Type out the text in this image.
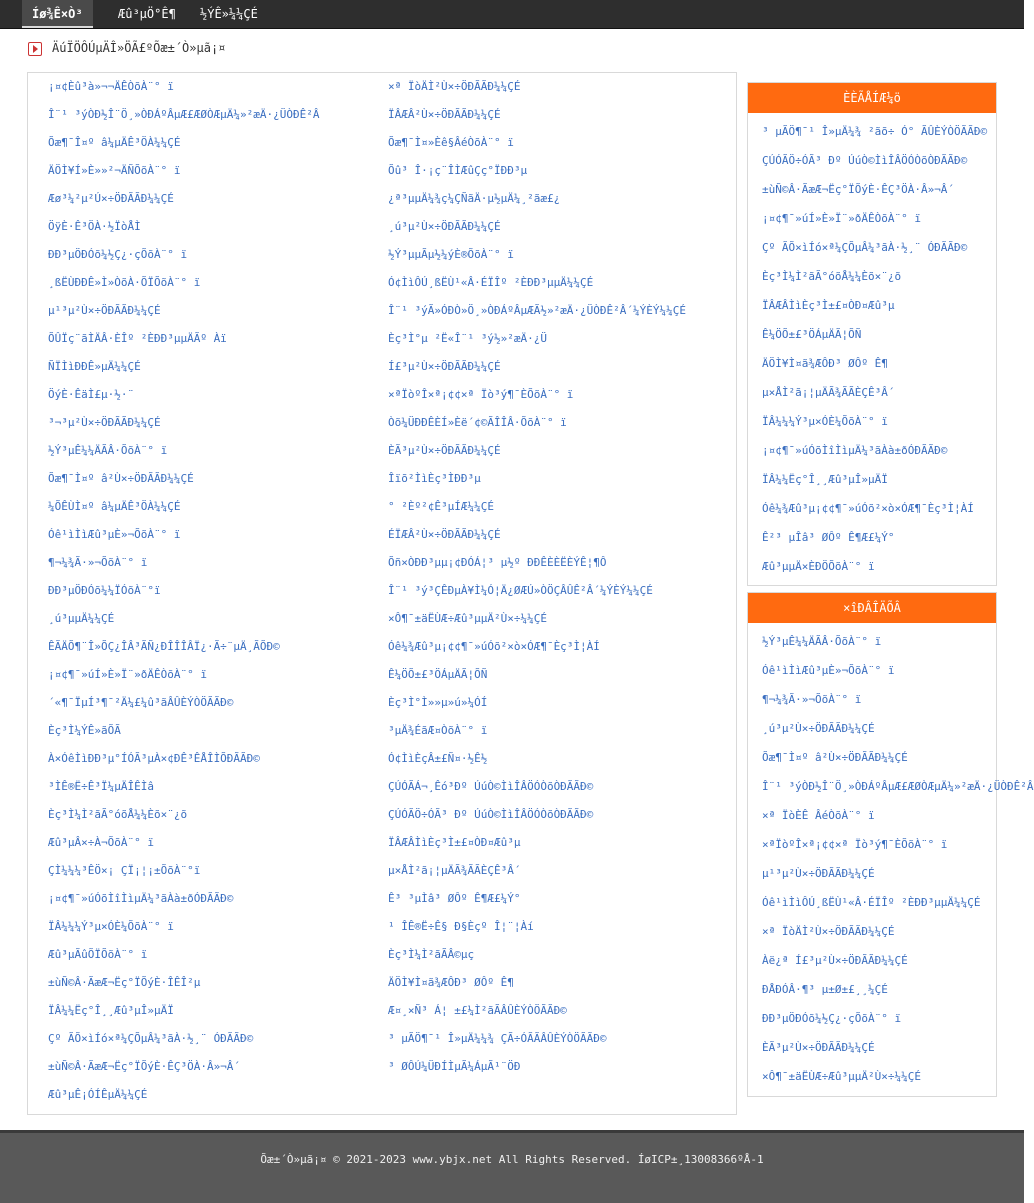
Íø¾Ê×Ò³	Æû³µÖ°Ê¶	½ÝÊ»¼¼ÇÉ
ÄúÏÖÔÚµÄÎ»ÖÃ£ºÕæ±´Ò»µã¡¤
¡¤¢Èû³à»¬¬ÄÊÒõÀ¨° ï
Î¨¹ ³ýÒÐ½Î¨Ö¸»ÒÐÁºÂµÆ£ÆØÒÆµÄ¼»²æÄ·¿ÜÒÐÊ²Â
Õæ¶¯Î¤º â¼µÄÊ³ÖÀ¼¼ÇÉ
ÄÖÌ¥Í»È»»²¬ÄÑÕõÀ¨° ï
Æø³¼²µ²Ú×÷ÖÐÃÃÐ¼¼ÇÉ
ÖÿÈ·Ê³ÖÀ·½ÏòÅÌ
ÐÐ³µÖÐÓõ¼½Ç¿·çÕõÀ¨° ï
¸ßËÙÐÐÊ»Ì»ÒõÀ·ÕÏÕõÀ¨° ï
µ¹³µ²Ù×÷ÖÐÃÃÐ¼¼ÇÉ
ÕÛÏç¨ãÌÄÂ·ÈÎº ²ÈÐÐ³µµÄÃº Àï
ÑÏÌìÐÐÊ»µÄ¼¼ÇÉ
ÖýÈ·ÊäÌ£µ·½·¨
³¬³µ²Ù×÷ÖÐÃÃÐ¼¼ÇÉ
½Ý³µÊ¼¼ÄÃÂ·ÕõÀ¨° ï
Õæ¶¯Ì¤º â²Ù×÷ÖÐÃÃÐ¼¼ÇÉ
¼ÕÊÙÌ¤º â¼µÄÊ³ÖÀ¼¼ÇÉ
Óê¹ìÌìÆû³µÈ»¬ÕõÀ¨° ï
¶¬¼¾Ã·»¬ÕõÀ¨° ï
ÐÐ³µÖÐÓõ¼¼ÏÓõÀ¨°ï
¸ú³µµÄ¼¼ÇÉ
ÊÃÄÕ¶¨Î»ÕÇ¿ÎÂ³ÃÑ¿ÐÎÎÎÂÏ¿·Ã÷¨µÄ¸ÃÕÐ©
¡¤¢¶¯»úÍ»È»Ï¨»ðÄÊÒõÀ¨° ï
´«¶¯ÏµÍ³¶¯²Ä¼£¼û³ãÂÛÈÝÒÖÃÃÐ©
Èç³Ì¼ÝÊ»ãÕÃ
À×ÓêÌìÐÐ³µ°ÍÓÃ³µÀ×¢ÐÊ³ÊÅÎÌÕÐÃÃÐ©
³ÌÊ®Ë÷Ê³Ï¼µÄÎÊÌâ
Èç³Ì¼Ì²ãÃ°óõÅ¼¼Èõ×¨¿õ
Æû³µÂ×÷À¬ÕõÀ¨° ï
ÇÌ¼¼¼³ÊÖ×¡ ÇÏ¡¦¡±ÕõÀ¨°ï
¡¤¢¶¯»úÓõÌîÌìµÄ¼³ãÀà±ðÓÐÃÃÐ©
ÏÂ¼¼¼Ý³µ×ÓÈ¼ÕõÀ¨° ï
Æû³µÃûÕÏÕõÀ¨° ï
±ùÑ©Â·ÃæÆ¬Ëç°ÏÕýÈ·ÎÊÎ²µ
ÏÂ¼¼Ëç°Î¸¸Æû³µÎ»µÄÏ
Çº ÃÕ×ìÍó×ª¼ÇÕµÂ¼³ãÀ·½¸¨ ÓÐÃÃÐ©
±ùÑ©Â·ÃæÆ¬Ëç°ÏÕýÈ·ÊÇ³ÖÀ·Â»¬Â´
Æû³µÊ¡ÓÍÊµÄ¼¼ÇÉ
×ª ÏòÄÌ²Ù×÷ÖÐÃÃÐ¼¼ÇÉ
ÏÂÆÂ²Ù×÷ÖÐÃÃÐ¼¼ÇÉ
Õæ¶¯Ì¤»Èê§ÂéÒõÀ¨° ï
Õû³ Î·¡ç¨ÎÌÆûÇç°ÏÐÐ³µ
¿ª³µµÄ¼¾ç¼ÇÑãÄ·µ½µÄ¼¸²ãæ£¿
¸ú³µ²Ù×÷ÖÐÃÃÐ¼¼ÇÉ
½Ý³µµÃµ½¼ýÈ®ÕõÀ¨° ï
Ó¢ÌìÔÚ¸ßËÙ¹«Â·ÉÏÎº ²ÈÐÐ³µµÄ¼¼ÇÉ
Î¨¹ ³ýÃ»ÓÐÒ»Ö¸»ÒÐÁºÂµÆÃ½»²æÄ·¿ÜÒÐÊ²Â´¼ÝÈÝ¼¼ÇÉ
Èç³Ì°µ ²Ë«Î¨¹ ³ý½»²æÄ·¿Ü
Í£³µ²Ù×÷ÖÐÃÃÐ¼¼ÇÉ
×ªÏòºÎ×ª¡¢¢×ª Ïò³ý¶¯ÈÕõÀ¨° ï
Òõ¼ÜÐÐÊÈÍ»Èë´¢©ÃÎÎÂ·ÕõÀ¨° ï
ÈÃ³µ²Ù×÷ÖÐÃÃÐ¼¼ÇÉ
Îïõ²ÌìÈç³ÌÐÐ³µ
° ²Èº²¢Ê³µÍÆ¼¼ÇÉ
ÉÏÆÂ²Ù×÷ÖÐÃÃÐ¼¼ÇÉ
Õñ×ÒÐÐ³µµ¡¢ÐÓÁ¦³ µ½º ÐÐÊÈÈËÈÝÊ¦¶Ô
Î¨¹ ³ý³ÇÊÐµÀ¥Ì¼Ó¦Ä¿ØÆÚ»ÒÖÇÂÛÊ²Â´¼ÝÈÝ¼¼ÇÉ
×Ô¶¯±äËÙÆ÷Æû³µµÄ²Ù×÷¼¼ÇÉ
Óê¼¾Æû³µ¡¢¢¶¯»úÓõ²×ò×ÓÆ¶¯Èç³Ì¦ÀÍ
Ê¼ÖÕ±£³ÖÁµÄÃ¦ÕÑ
Èç³Ì°Ì»»µ»ú»¼ÓÍ
³µÄ¾ÉãÆ¤ÒõÀ¨° ï
Ó¢ÌìÈçÂ±£Ñ¤·½Ê½
ÇÚÓÃÁ¬¸Êó³Ðº ÚúÒ©ÌìÎÂÖÓÒõÒÐÃÃÐ©
ÇÚÓÃÖ÷ÓÃ³ Ðº ÚúÒ©ÌìÎÂÖÓÒõÒÐÃÃÐ©
ÏÂÆÂÌìÈç³Ì±£¤ÒÐ¤Æû³µ
µ×ÅÌ²ã¡¦µÄÃ¾ÃÃÈÇÊ³Â´
Ê³ ³µÌâ³ ØÔº Ê¶Æ£¼Ý°
¹ ÎÊ®Ë÷Ê§ Ð§Èçº Î¦¨¦Àí
Èç³Ì¼Ì²ãÃÂ©µç
ÄÖÌ¥Ì¤ã¾ÆÔÐ³ ØÔº Ê¶
Æ¤¸×Ñ³ Á¦ ±£¼Ì²ãÃÂÛÈÝÒÖÃÃÐ©
³ µÃÖ¶¯¹ Î»µÄ¼¼¾ ÇÃ÷ÓÃÃÂÛÈÝÒÖÃÃÐ©
³ ØÔÚ¼ÜÐÍÌµÃ¼ÁµÃ¹¨ÖÐ
ÈÈÃÅÍÆ¼ö
³ µÃÖ¶¯¹ Î»µÄ¼¾ ²ãõ÷ Ó° ÃÛÈÝÒÖÃÃÐ©
ÇÚÓÃÖ÷ÓÃ³ Ðº ÚúÒ©ÌìÎÂÖÓÒõÒÐÃÃÐ©
±ùÑ©Â·ÃæÆ¬Ëç°ÏÕýÈ·ÊÇ³ÖÀ·Â»¬Â´
¡¤¢¶¯»úÍ»È»Ï¨»ðÄÊÒõÀ¨° ï
Çº ÃÕ×ìÍó×ª¼ÇÕµÂ¼³ãÀ·½¸¨ ÓÐÃÃÐ©
Èç³Ì¼Ì²ãÃ°óõÅ¼¼Èõ×¨¿õ
ÏÂÆÂÌìÈç³Ì±£¤ÒÐ¤Æû³µ
Ê¼ÖÕ±£³ÖÁµÄÃ¦ÕÑ
ÄÖÌ¥Ì¤ã¾ÆÔÐ³ ØÔº Ê¶
µ×ÅÌ²ã¡¦µÄÃ¾ÃÃÈÇÊ³Â´
ÏÂ¼¼¼Ý³µ×ÓÈ¼ÕõÀ¨° ï
¡¤¢¶¯»úÓõÌîÌìµÄ¼³ãÀà±ðÓÐÃÃÐ©
ÏÂ¼¼Ëç°Î¸¸Æû³µÎ»µÄÏ
Óê¼¾Æû³µ¡¢¢¶¯»úÓõ²×ò×ÓÆ¶¯Èç³Ì¦ÀÍ
Ê²³ µÎâ³ ØÔº Ê¶Æ£¼Ý°
Æû³µµÄ×ÈÐÖÕõÀ¨° ï
×îÐÂÎÄÕÂ
½Ý³µÊ¼¼ÄÃÂ·ÕõÀ¨° ï
Óê¹ìÌìÆû³µÈ»¬ÕõÀ¨° ï
¶¬¼¾Ã·»¬ÕõÀ¨° ï
¸ú³µ²Ù×÷ÖÐÃÃÐ¼¼ÇÉ
Õæ¶¯Ì¤º â²Ù×÷ÖÐÃÃÐ¼¼ÇÉ
Î¨¹ ³ýÒÐ½Î¨Ö¸»ÒÐÁºÂµÆ£ÆØÒÆµÄ¼»²æÄ·¿ÜÒÐÊ²Â
×ª ÏòÈÊ ÂéÒõÀ¨° ï
×ªÏòºÎ×ª¡¢¢×ª Ïò³ý¶¯ÈÕõÀ¨° ï
µ¹³µ²Ù×÷ÖÐÃÃÐ¼¼ÇÉ
Óê¹ìÌìÔÚ¸ßËÙ¹«Â·ÉÏÎº ²ÈÐÐ³µµÄ¼¼ÇÉ
×ª ÏòÄÌ²Ù×÷ÖÐÃÃÐ¼¼ÇÉ
Àë¿ª Í£³µ²Ù×÷ÖÐÃÃÐ¼¼ÇÉ
ÐÅÐÓÂ·¶³ µ±Ø±£¸¸¼ÇÉ
ÐÐ³µÖÐÓõ¼½Ç¿·çÕõÀ¨° ï
ÈÃ³µ²Ù×÷ÖÐÃÃÐ¼¼ÇÉ
×Ô¶¯±äËÙÆ÷Æû³µµÄ²Ù×÷¼¼ÇÉ
Õæ±´Ò»µã¡¤ © 2021-2023 www.ybjx.net All Rights Reserved. ÍøICP±¸13008366ºÅ-1
